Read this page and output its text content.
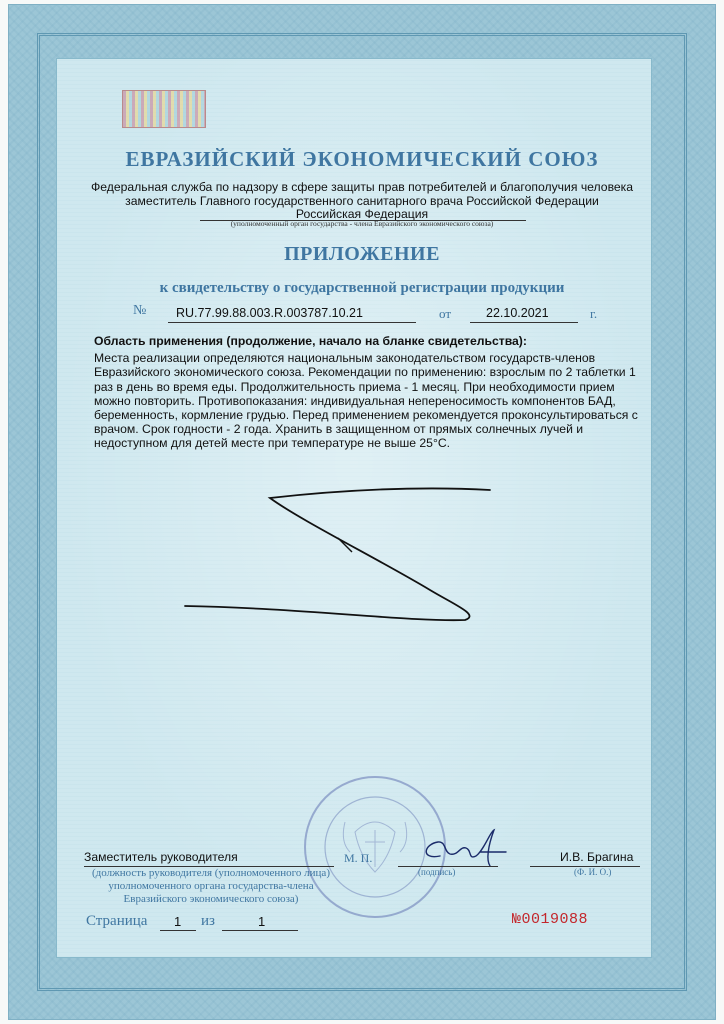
ЕВРАЗИЙСКИЙ ЭКОНОМИЧЕСКИЙ СОЮЗ
Федеральная служба по надзору в сфере защиты прав потребителей и благополучия человека
заместитель Главного государственного санитарного врача Российской Федерации
Российская Федерация
(уполномоченный орган государства - члена Евразийского экономического союза)
ПРИЛОЖЕНИЕ
к свидетельству о государственной регистрации продукции
№ RU.77.99.88.003.R.003787.10.21	от	22.10.2021	г.
Область применения (продолжение, начало на бланке свидетельства):
Места реализации определяются национальным законодательством государств-членов Евразийского экономического союза. Рекомендации по применению: взрослым по 2 таблетки 1 раз в день во время еды. Продолжительность приема - 1 месяц. При необходимости прием можно повторить. Противопоказания: индивидуальная непереносимость компонентов БАД, беременность, кормление грудью. Перед применением рекомендуется проконсультироваться с врачом. Срок годности - 2 года. Хранить в защищенном от прямых солнечных лучей и недоступном для детей месте при температуре не выше 25°C.
Заместитель руководителя	М. П.	И.В. Брагина
(должность руководителя (уполномоченного лица) уполномоченного органа государства-члена Евразийского экономического союза)
(подпись)	(Ф. И. О.)
Страница 1 из	1	№0019088
